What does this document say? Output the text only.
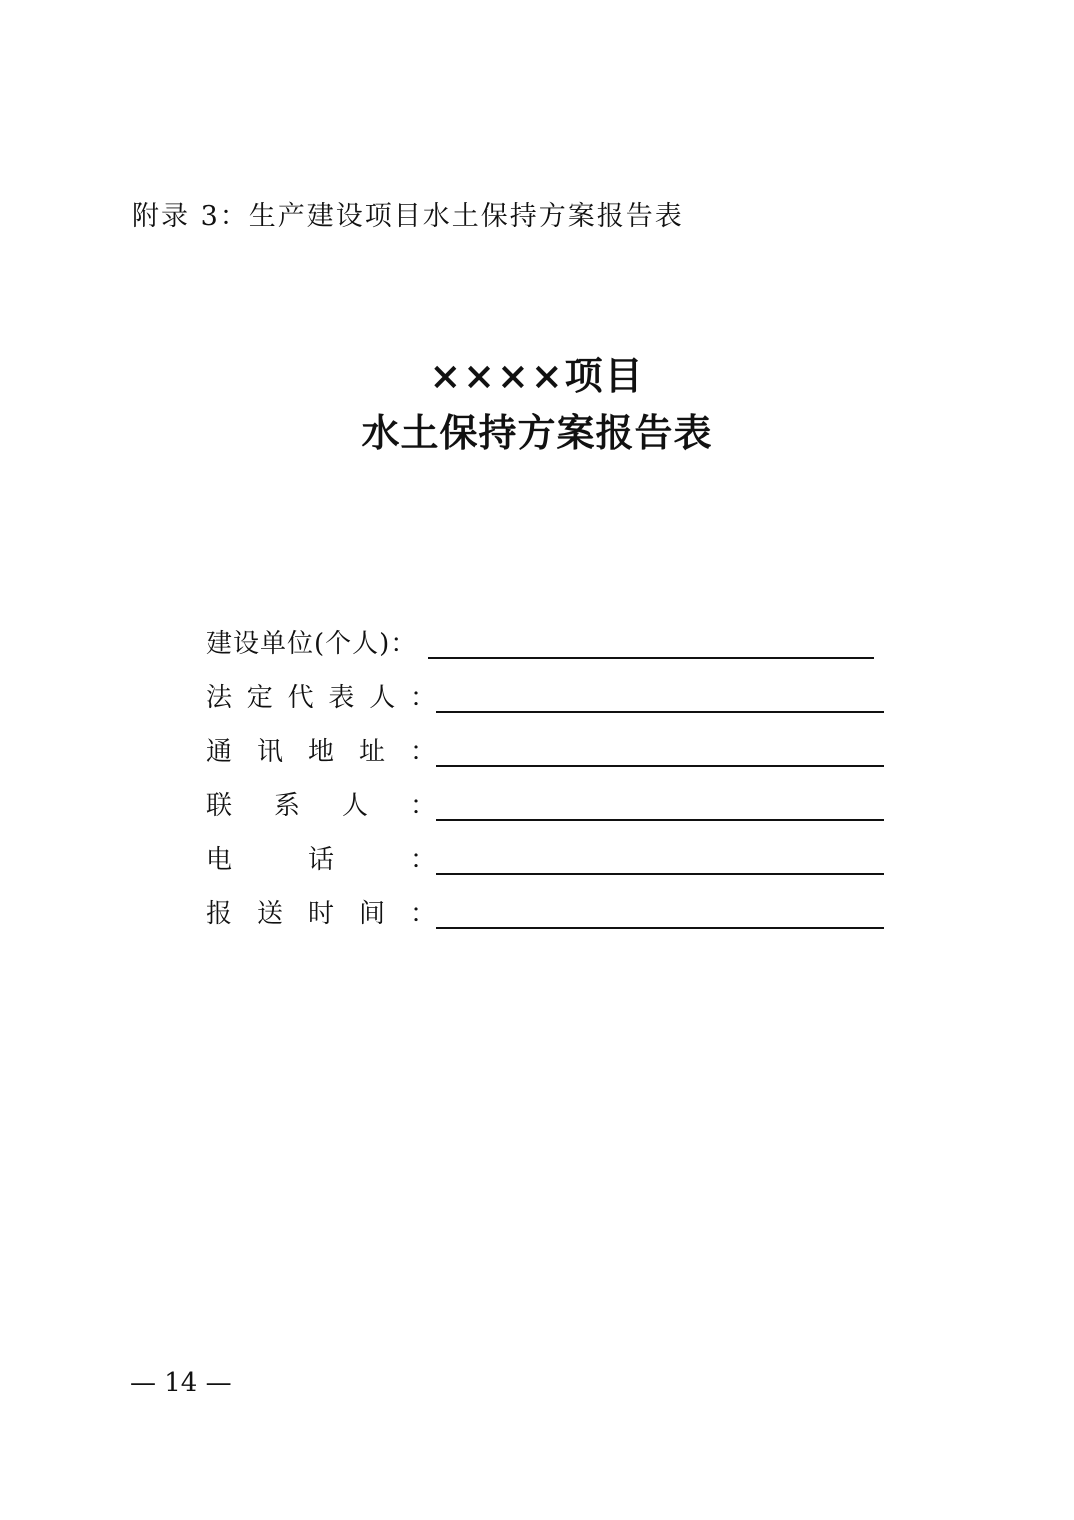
附录 3：生产建设项目水土保持方案报告表
××××项目
水土保持方案报告表
建设单位(个人)：
法 定 代 表 人 ：
通 讯 地 址 ：
联 系 人 ：
电	话	：
报 送 时 间 ：
— 14 —
